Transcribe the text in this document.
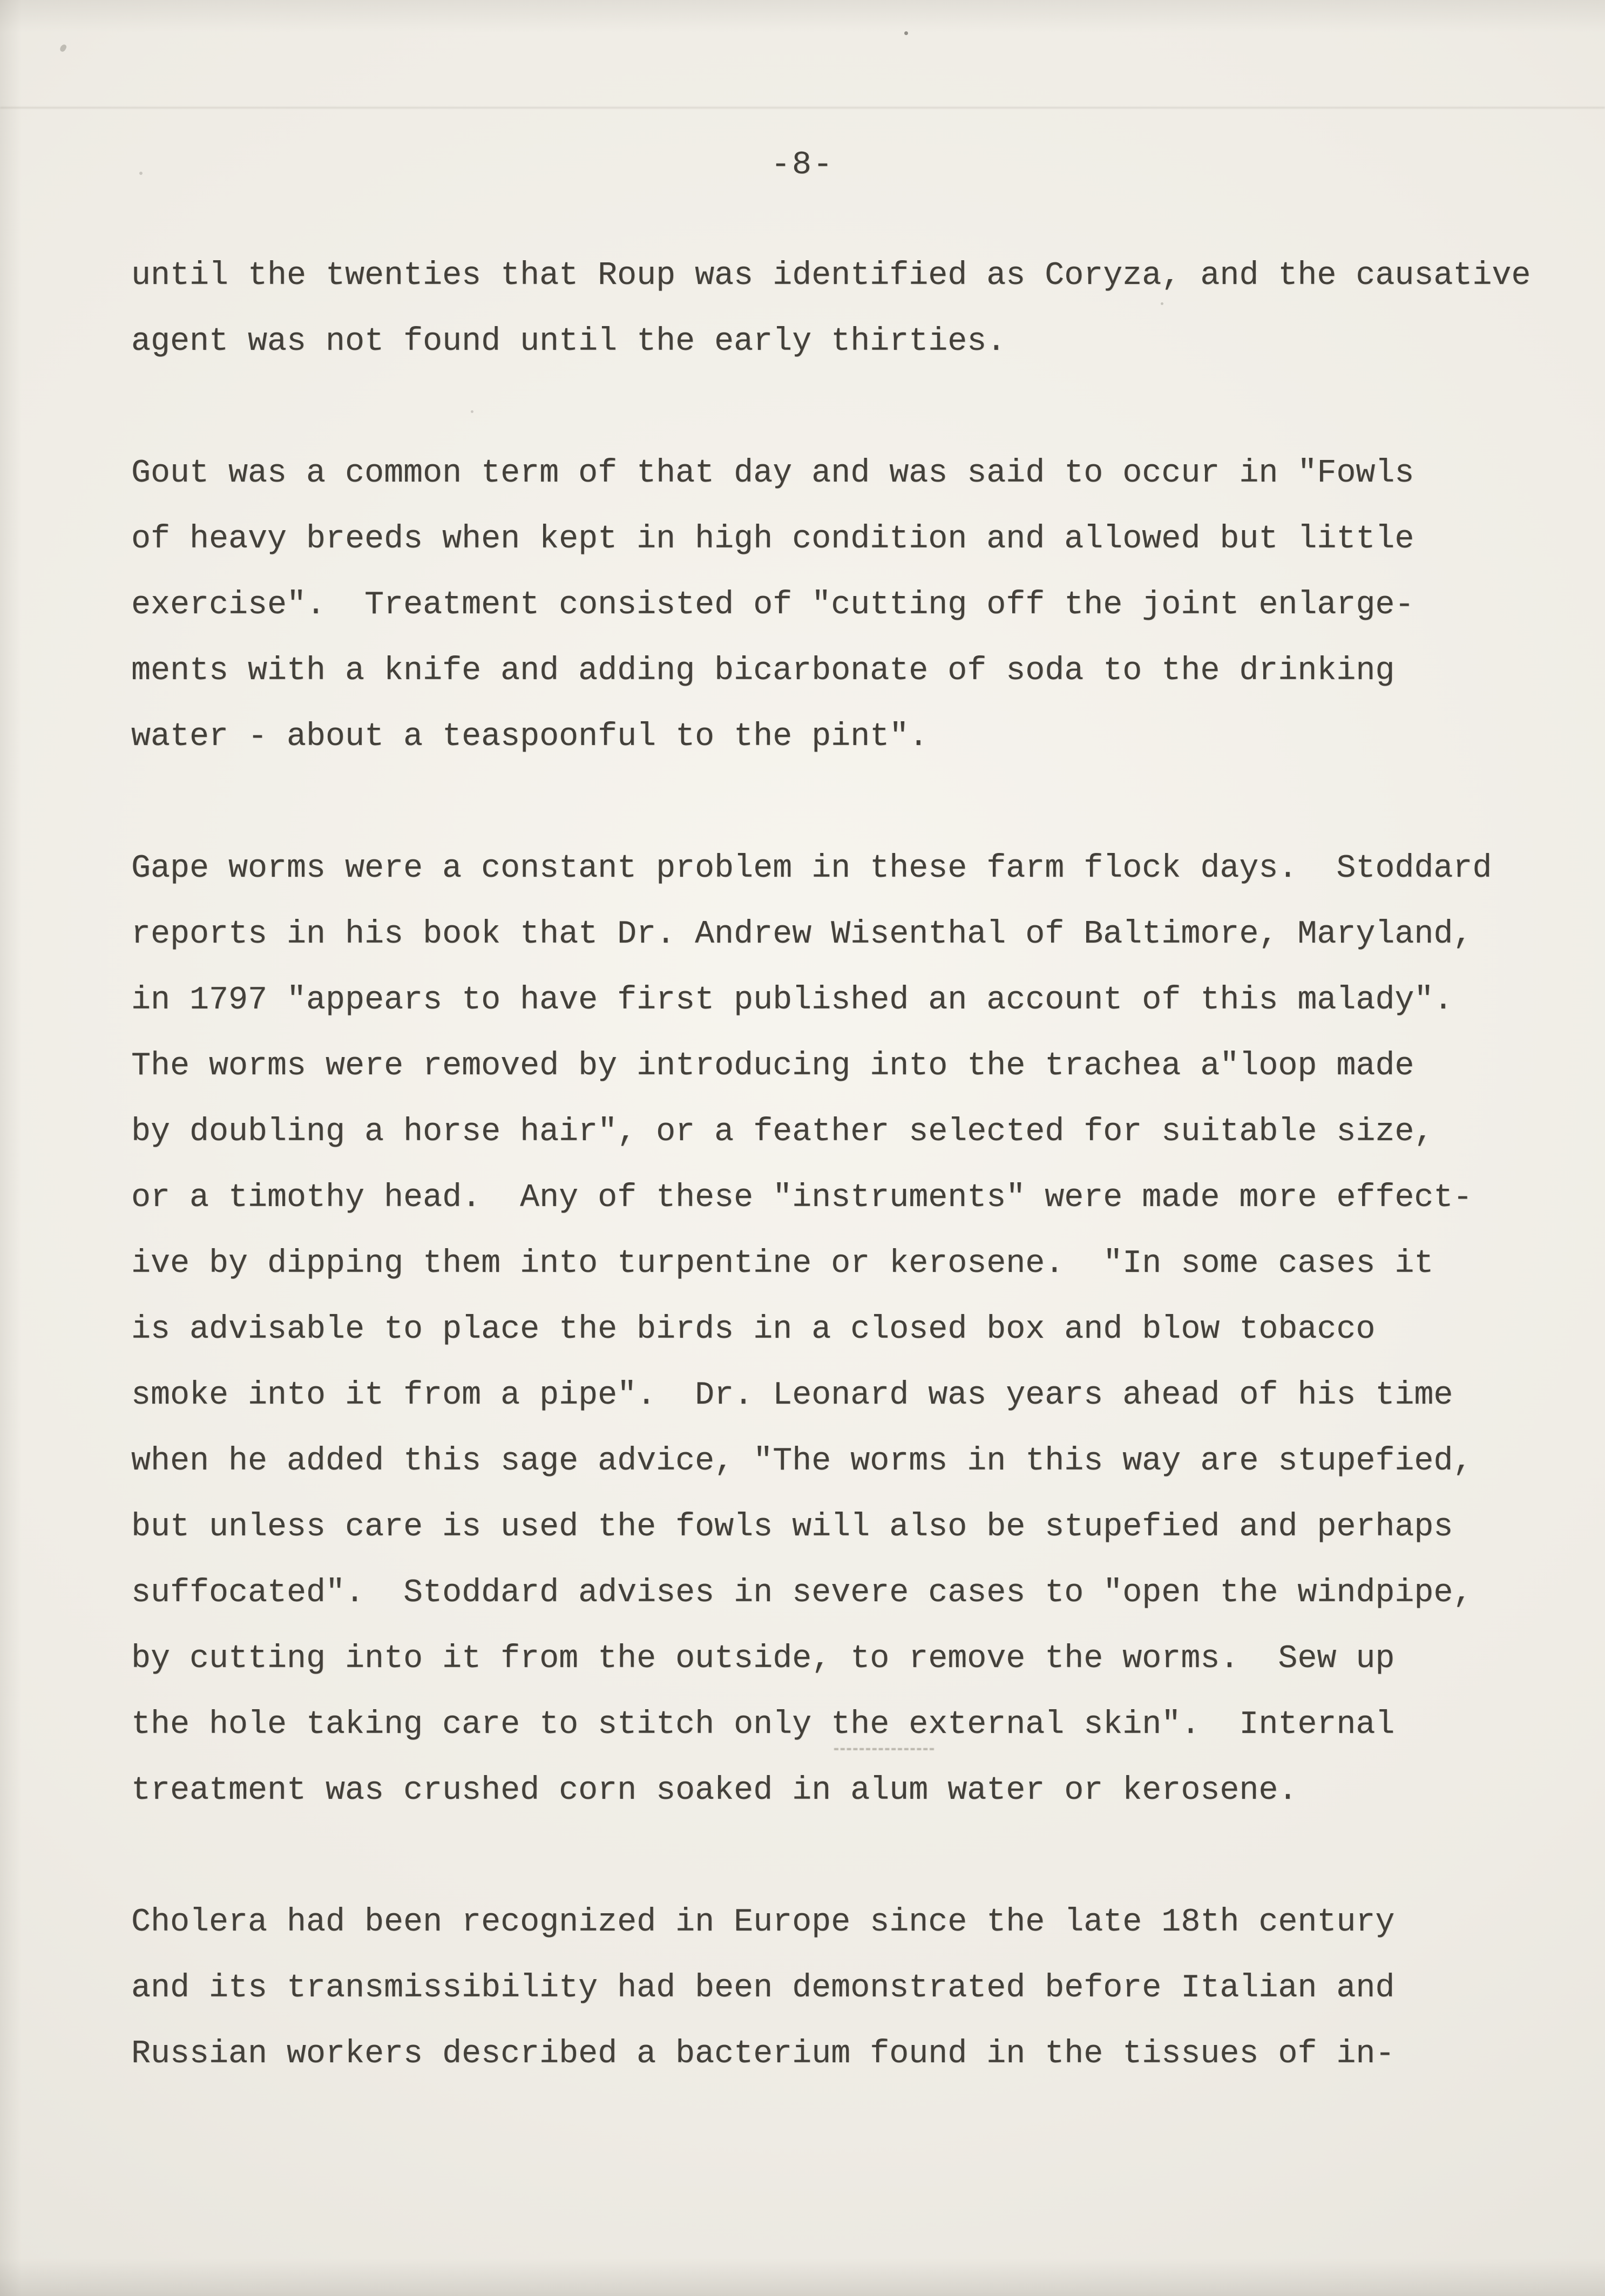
-8-
until the twenties that Roup was identified as Coryza, and the causative
agent was not found until the early thirties.
Gout was a common term of that day and was said to occur in "Fowls
of heavy breeds when kept in high condition and allowed but little
exercise".  Treatment consisted of "cutting off the joint enlarge-
ments with a knife and adding bicarbonate of soda to the drinking
water - about a teaspoonful to the pint".
Gape worms were a constant problem in these farm flock days.  Stoddard
reports in his book that Dr. Andrew Wisenthal of Baltimore, Maryland,
in 1797 "appears to have first published an account of this malady".
The worms were removed by introducing into the trachea a"loop made
by doubling a horse hair", or a feather selected for suitable size,
or a timothy head.  Any of these "instruments" were made more effect-
ive by dipping them into turpentine or kerosene.  "In some cases it
is advisable to place the birds in a closed box and blow tobacco
smoke into it from a pipe".  Dr. Leonard was years ahead of his time
when he added this sage advice, "The worms in this way are stupefied,
but unless care is used the fowls will also be stupefied and perhaps
suffocated".  Stoddard advises in severe cases to "open the windpipe,
by cutting into it from the outside, to remove the worms.  Sew up
the hole taking care to stitch only the external skin".  Internal
treatment was crushed corn soaked in alum water or kerosene.
Cholera had been recognized in Europe since the late 18th century
and its transmissibility had been demonstrated before Italian and
Russian workers described a bacterium found in the tissues of in-
